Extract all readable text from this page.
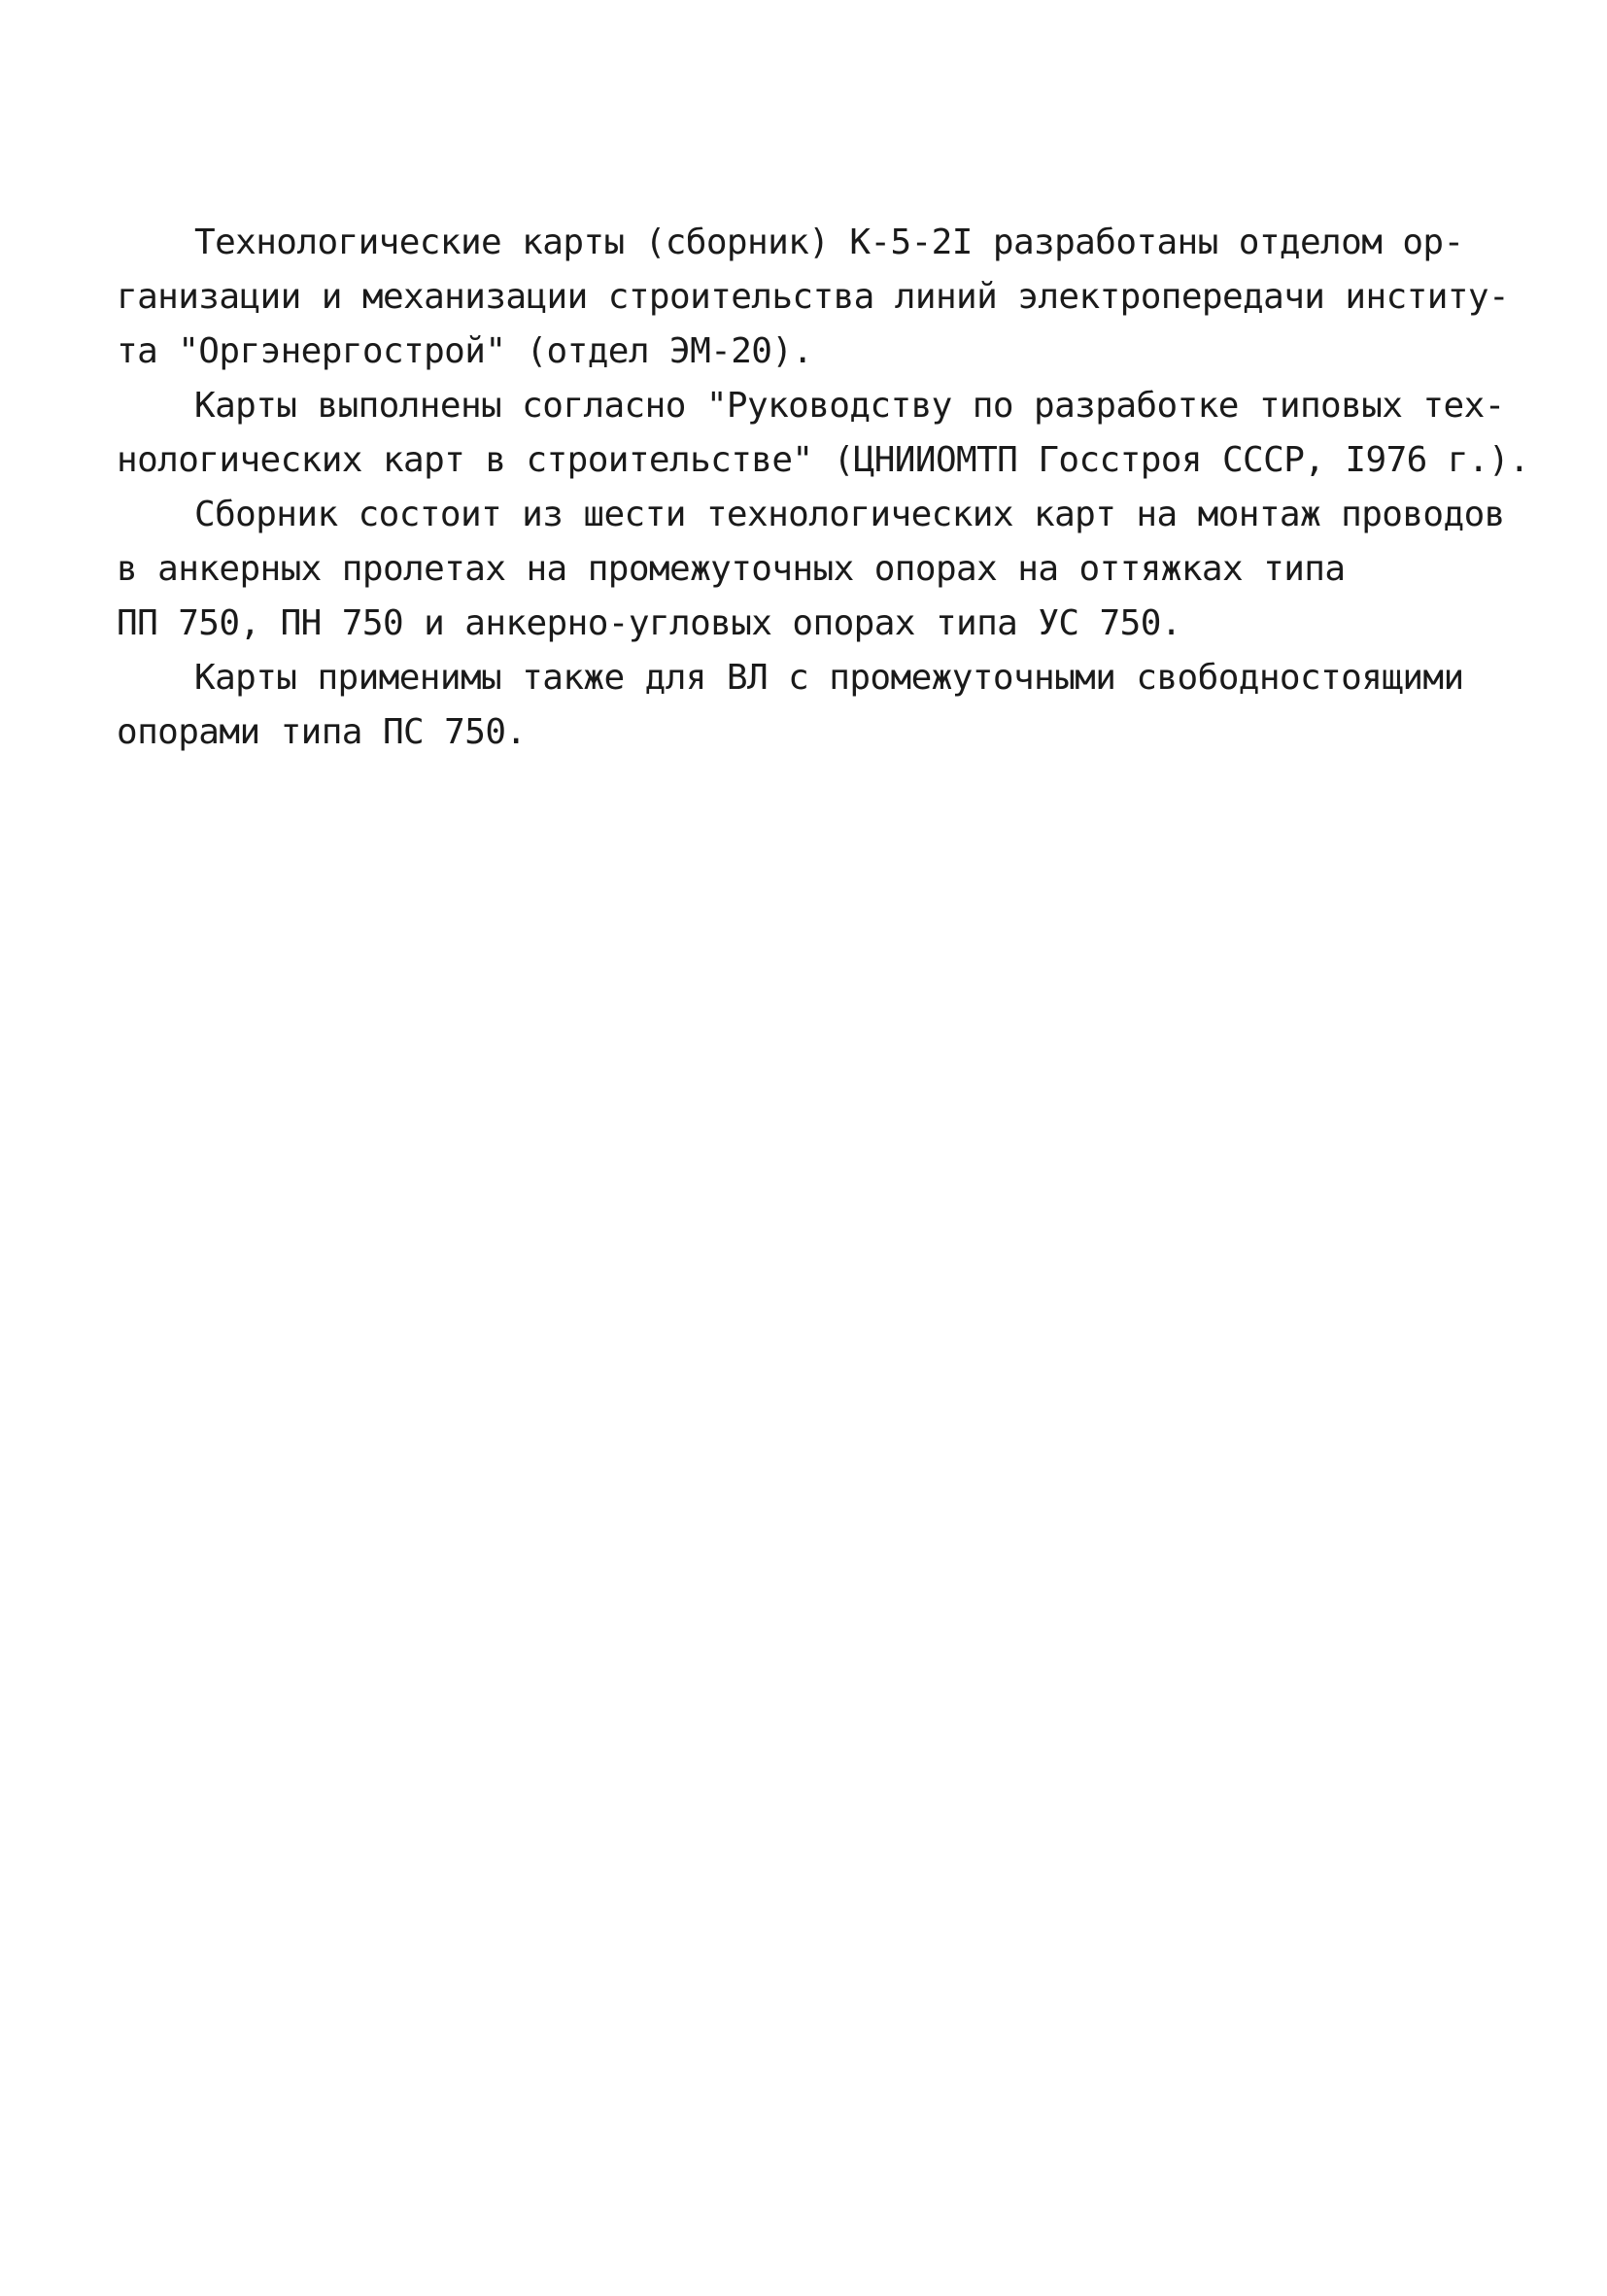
Технологические карты (сборник) К-5-2I разработаны отделом ор-
ганизации и механизации строительства линий электропередачи институ-
та "Оргэнергострой" (отдел ЭМ-20).
Карты выполнены согласно "Руководству по разработке типовых тех-
нологических карт в строительстве" (ЦНИИОМТП Госстроя СССР, I976 г.).
Сборник состоит из шести технологических карт на монтаж проводов
в анкерных пролетах на промежуточных опорах на оттяжках типа
ПП 750, ПН 750 и анкерно-угловых опорах типа УС 750.
Карты применимы также для ВЛ с промежуточными свободностоящими
опорами типа ПС 750.
